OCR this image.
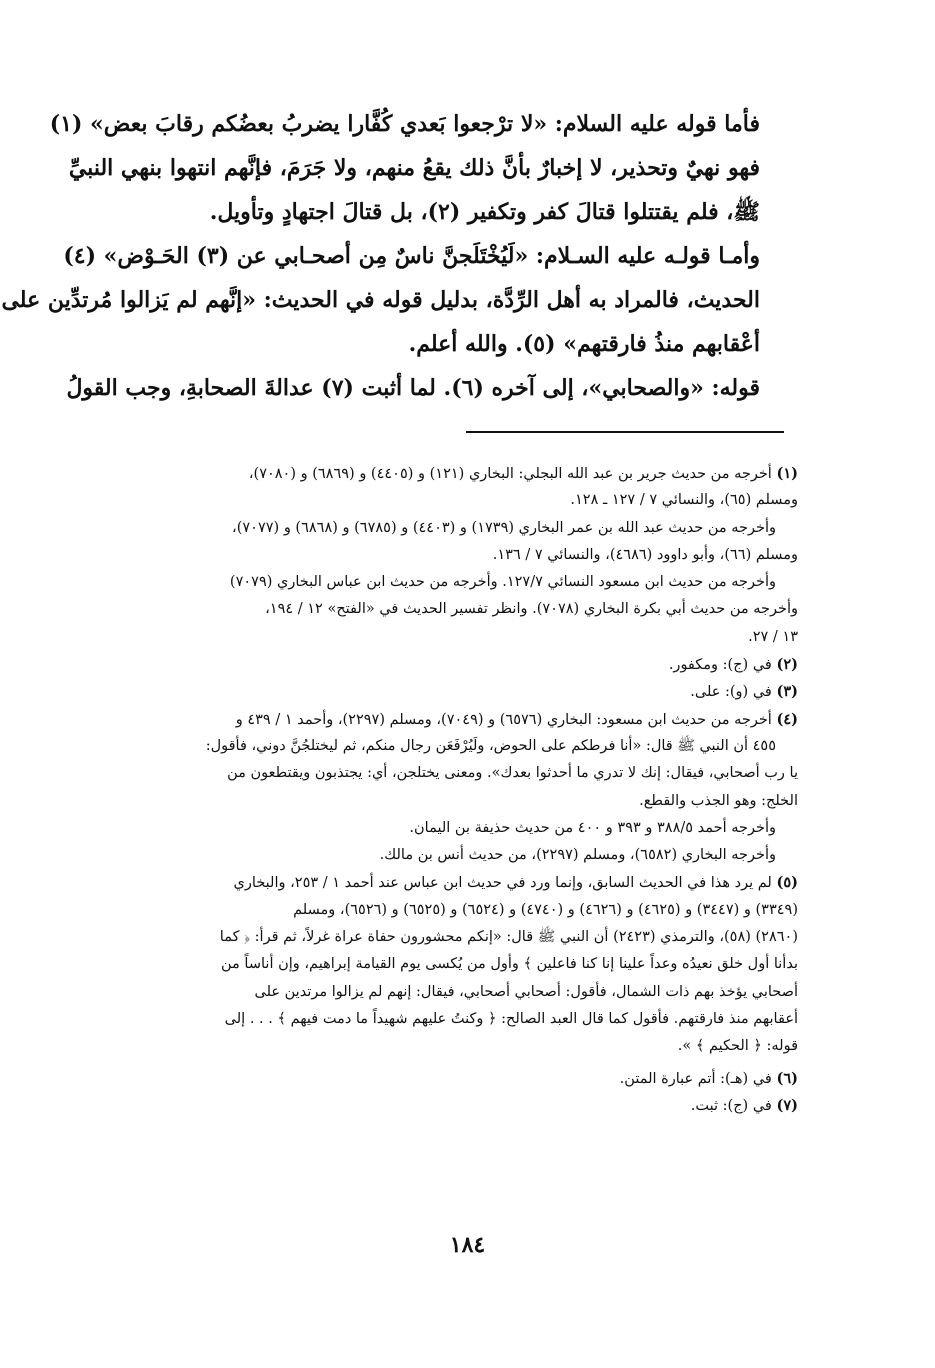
فأما قوله عليه السلام: «لا ترْجعوا بَعدي كُفَّارا يضربُ بعضُكم رقابَ بعض» (١)
فهو نهيٌ وتحذير، لا إخبارٌ بأنَّ ذلك يقعُ منهم، ولا جَرَمَ، فإنَّهم انتهوا بنهي النبيِّ
ﷺ، فلم يقتتلوا قتالَ كفر وتكفير (٢)، بل قتالَ اجتهادٍ وتأويل.
وأمـا قولـه عليه السـلام: «لَيُخْتَلَجنَّ ناسٌ مِن أصحـابي عن (٣) الحَـوْض» (٤)
الحديث، فالمراد به أهل الرِّدَّة، بدليل قوله في الحديث: «إنَّهم لم يَزالوا مُرتدِّين على
أعْقابهم منذُ فارقتهم» (٥). والله أعلم.
قوله: «والصحابي»، إلى آخره (٦). لما أثبت (٧) عدالةَ الصحابةِ، وجب القولُ
(١) أخرجه من حديث جرير بن عبد الله البجلي: البخاري (١٢١) و (٤٤٠٥) و (٦٨٦٩) و (٧٠٨٠)،
ومسلم (٦٥)، والنسائي ٧ / ١٢٧ ـ ١٢٨.
وأخرجه من حديث عبد الله بن عمر البخاري (١٧٣٩) و (٤٤٠٣) و (٦٧٨٥) و (٦٨٦٨) و (٧٠٧٧)،
ومسلم (٦٦)، وأبو داوود (٤٦٨٦)، والنسائي ٧ / ١٣٦.
وأخرجه من حديث ابن مسعود النسائي ١٢٧/٧. وأخرجه من حديث ابن عباس البخاري (٧٠٧٩)
وأخرجه من حديث أبي بكرة البخاري (٧٠٧٨). وانظر تفسير الحديث في «الفتح» ١٢ / ١٩٤،
١٣ / ٢٧.
(٢) في (ج): ومكفور.
(٣) في (و): على.
(٤) أخرجه من حديث ابن مسعود: البخاري (٦٥٧٦) و (٧٠٤٩)، ومسلم (٢٢٩٧)، وأحمد ١ / ٤٣٩ و
٤٥٥ أن النبي ﷺ قال: «أنا فرطكم على الحوض، ولَيُرْفَعَن رجال منكم، ثم ليختلجُنَّ دوني، فأقول:
يا رب أصحابي، فيقال: إنك لا تدري ما أحدثوا بعدك». ومعنى يختلجن، أي: يجتذبون ويقتطعون من
الخلج: وهو الجذب والقطع.
وأخرجه أحمد ٣٨٨/٥ و ٣٩٣ و ٤٠٠ من حديث حذيفة بن اليمان.
وأخرجه البخاري (٦٥٨٢)، ومسلم (٢٢٩٧)، من حديث أنس بن مالك.
(٥) لم يرد هذا في الحديث السابق، وإنما ورد في حديث ابن عباس عند أحمد ١ / ٢٥٣، والبخاري
(٣٣٤٩) و (٣٤٤٧) و (٤٦٢٥) و (٤٦٢٦) و (٤٧٤٠) و (٦٥٢٤) و (٦٥٢٥) و (٦٥٢٦)، ومسلم
(٢٨٦٠) (٥٨)، والترمذي (٢٤٢٣) أن النبي ﷺ قال: «إنكم محشورون حفاة عراة غرلاً، ثم قرأ: ﴿ كما
بدأنا أول خلق نعيدُه وعداً علينا إنا كنا فاعلين ﴾ وأول من يُكسى يوم القيامة إبراهيم، وإن أناساً من
أصحابي يؤخذ بهم ذات الشمال، فأقول: أصحابي أصحابي، فيقال: إنهم لم يزالوا مرتدين على
أعقابهم منذ فارقتهم. فأقول كما قال العبد الصالح: ﴿ وكنتُ عليهم شهيداً ما دمت فيهم ﴾ . . . إلى
قوله: ﴿ الحكيم ﴾ ».
(٦) في (هـ): أتم عبارة المتن.
(٧) في (ج): ثبت.
١٨٤
